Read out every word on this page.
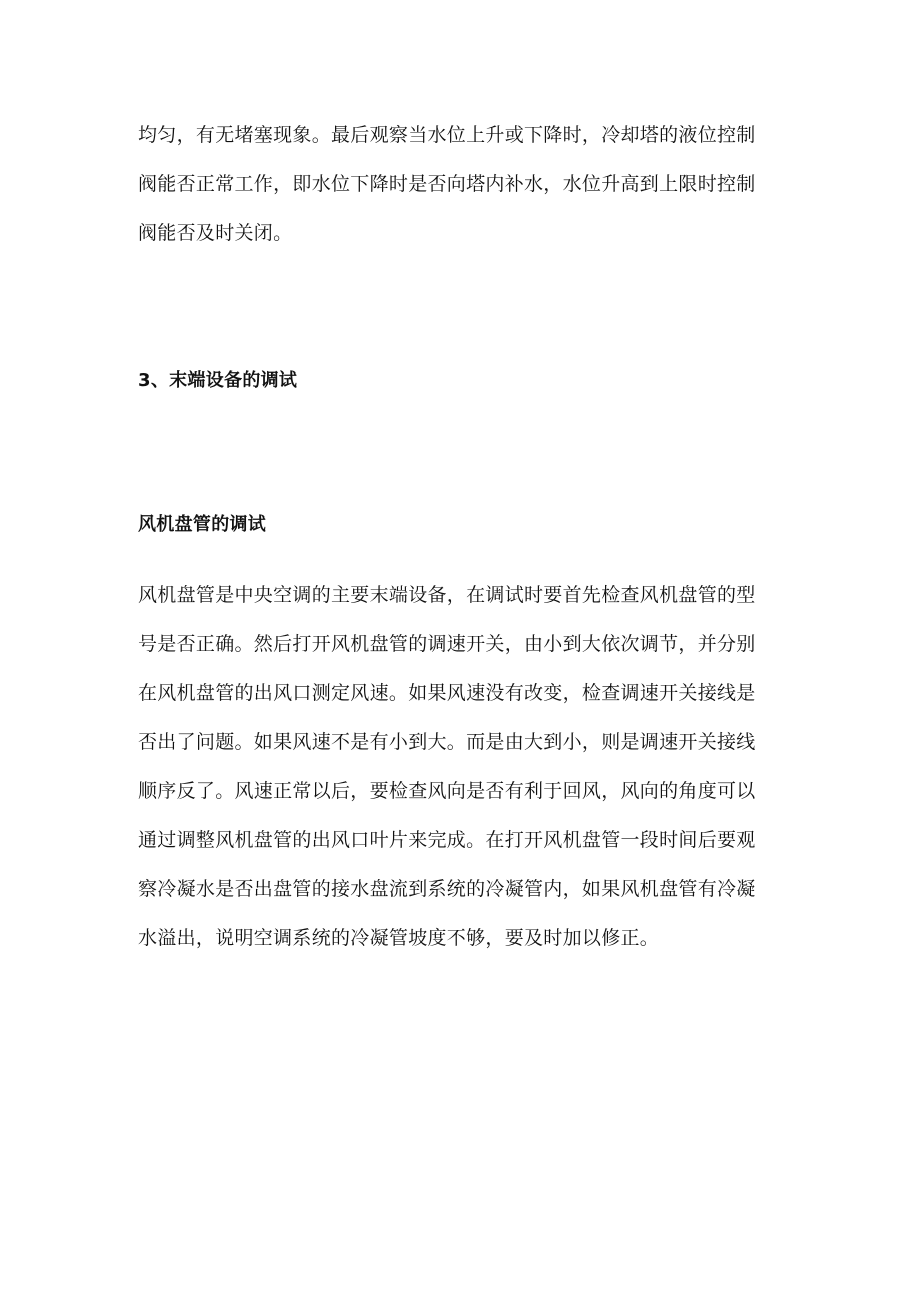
均匀，有无堵塞现象。最后观察当水位上升或下降时，冷却塔的液位控制
阀能否正常工作，即水位下降时是否向塔内补水，水位升高到上限时控制
阀能否及时关闭。
3、末端设备的调试
风机盘管的调试
风机盘管是中央空调的主要末端设备，在调试时要首先检查风机盘管的型
号是否正确。然后打开风机盘管的调速开关，由小到大依次调节，并分别
在风机盘管的出风口测定风速。如果风速没有改变，检查调速开关接线是
否出了问题。如果风速不是有小到大。而是由大到小，则是调速开关接线
顺序反了。风速正常以后，要检查风向是否有利于回风，风向的角度可以
通过调整风机盘管的出风口叶片来完成。在打开风机盘管一段时间后要观
察冷凝水是否出盘管的接水盘流到系统的冷凝管内，如果风机盘管有冷凝
水溢出，说明空调系统的冷凝管坡度不够，要及时加以修正。
